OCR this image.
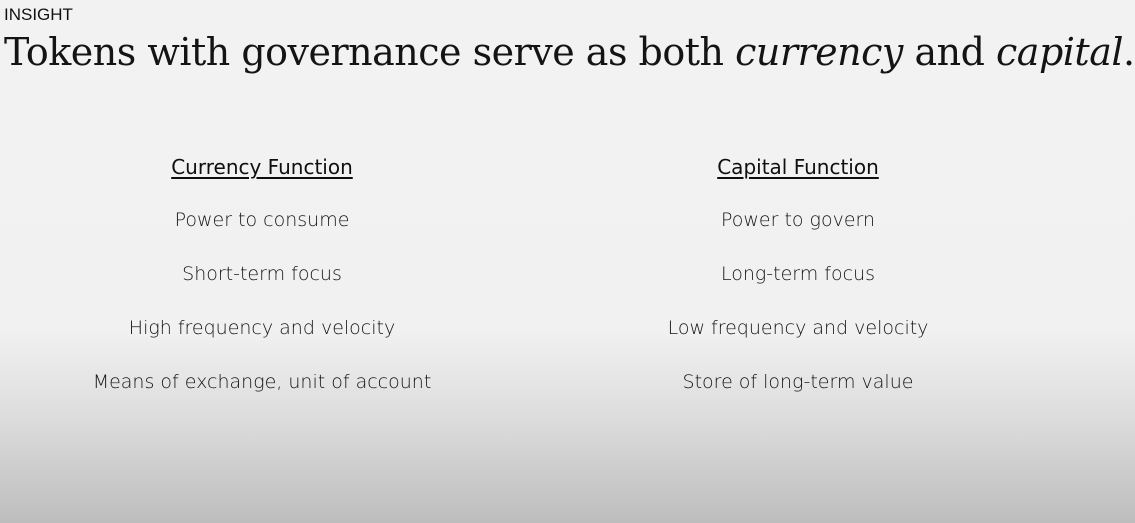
INSIGHT
Tokens with governance serve as both currency and capital.
Currency Function
Power to consume
Short-term focus
High frequency and velocity
Means of exchange, unit of account
Capital Function
Power to govern
Long-term focus
Low frequency and velocity
Store of long-term value
